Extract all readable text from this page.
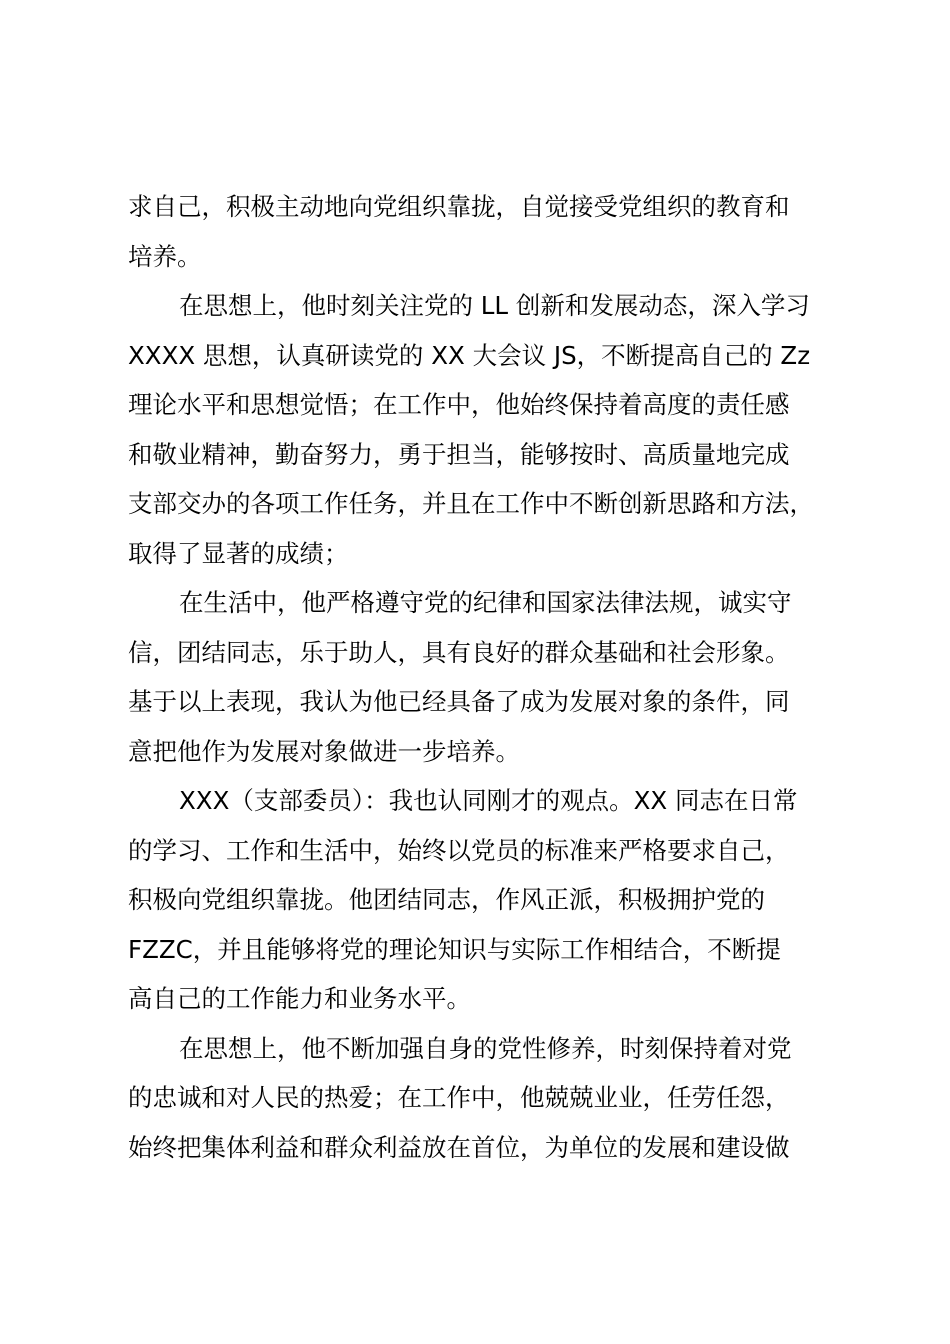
求自己，积极主动地向党组织靠拢，自觉接受党组织的教育和
培养。
在思想上，他时刻关注党的 LL 创新和发展动态，深入学习
XXXX 思想，认真研读党的 XX 大会议 JS，不断提高自己的 Zz
理论水平和思想觉悟；在工作中，他始终保持着高度的责任感
和敬业精神，勤奋努力，勇于担当，能够按时、高质量地完成
支部交办的各项工作任务，并且在工作中不断创新思路和方法，
取得了显著的成绩；
在生活中，他严格遵守党的纪律和国家法律法规，诚实守
信，团结同志，乐于助人，具有良好的群众基础和社会形象。
基于以上表现，我认为他已经具备了成为发展对象的条件，同
意把他作为发展对象做进一步培养。
XXX（支部委员）：我也认同刚才的观点。XX 同志在日常
的学习、工作和生活中，始终以党员的标准来严格要求自己，
积极向党组织靠拢。他团结同志，作风正派，积极拥护党的
FZZC，并且能够将党的理论知识与实际工作相结合，不断提
高自己的工作能力和业务水平。
在思想上，他不断加强自身的党性修养，时刻保持着对党
的忠诚和对人民的热爱；在工作中，他兢兢业业，任劳任怨，
始终把集体利益和群众利益放在首位，为单位的发展和建设做
